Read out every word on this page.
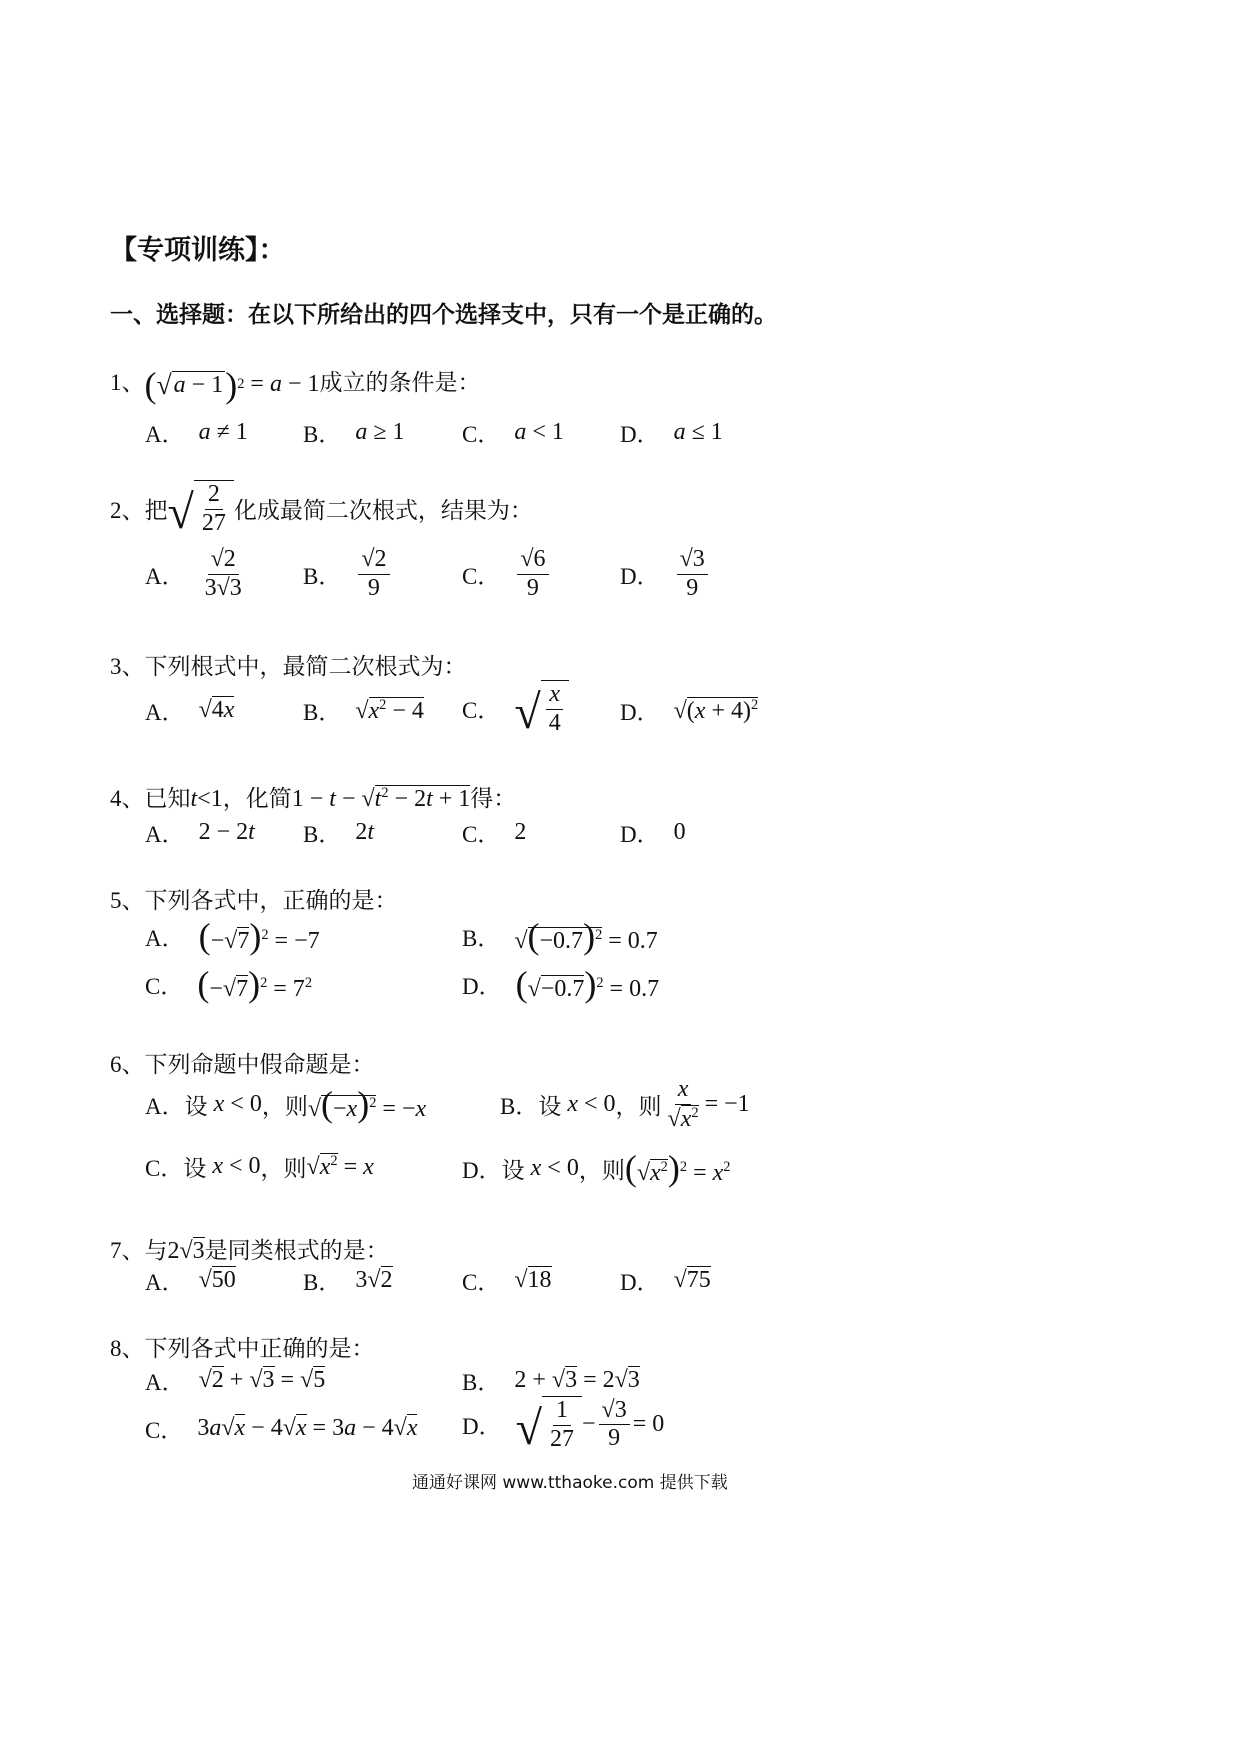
【专项训练】：
一、选择题：在以下所给出的四个选择支中，只有一个是正确的。
1、 ( √ a − 1 ) 2 = a − 1成立的条件是：
A． a ≠ 1 B． a ≥ 1 C． a < 1 D． a ≤ 1
2、把 √ $\frac{2}{27}$ 化成最简二次根式，结果为：
A． $\frac{√2}{3√3}$	B． $\frac{√2}{9}$	C． $\frac{√6}{9}$	D． $\frac{√3}{9}$
3、下列根式中，最简二次根式为：
A． √4x	B． $√x^2 - 4$ C． √ $\frac{x}{4}$ D． $√(x + 4)^2$
4、已知t<1，化简$1 - t - √t^2 - 2t + 1$得：
A． 2 − 2t B． 2t	C． 2	D． 0
5、下列各式中，正确的是：
A． $(-√7)^2 = -7$	B． $√(-0.7)^2 = 0.7$
C． $(-√7)^2 = 7^2$	D． $(√-0.7)^2 = 0.7$
6、下列命题中假命题是：
A．设 x < 0 ，则 $√(-x)^2 = -x$	B．设 x < 0 ，则 $\frac{x}{√x^2} = -1$
C．设 x < 0 ，则 $√x^2 = x$	D．设 x < 0 ，则 $(√x^2)^2 = x^2$
7、与2√3是同类根式的是：
A． √50	B． 3√2	C． √18	D． √75
8、下列各式中正确的是：
A． √2 + √3 = √5	B． 2 + √3 = 2√3
C． 3a√x − 4√x = 3a − 4√x D． √ $\frac{1}{27} - \frac{√3}{9} = 0$
通通好课网 www.tthaoke.com 提供下载
